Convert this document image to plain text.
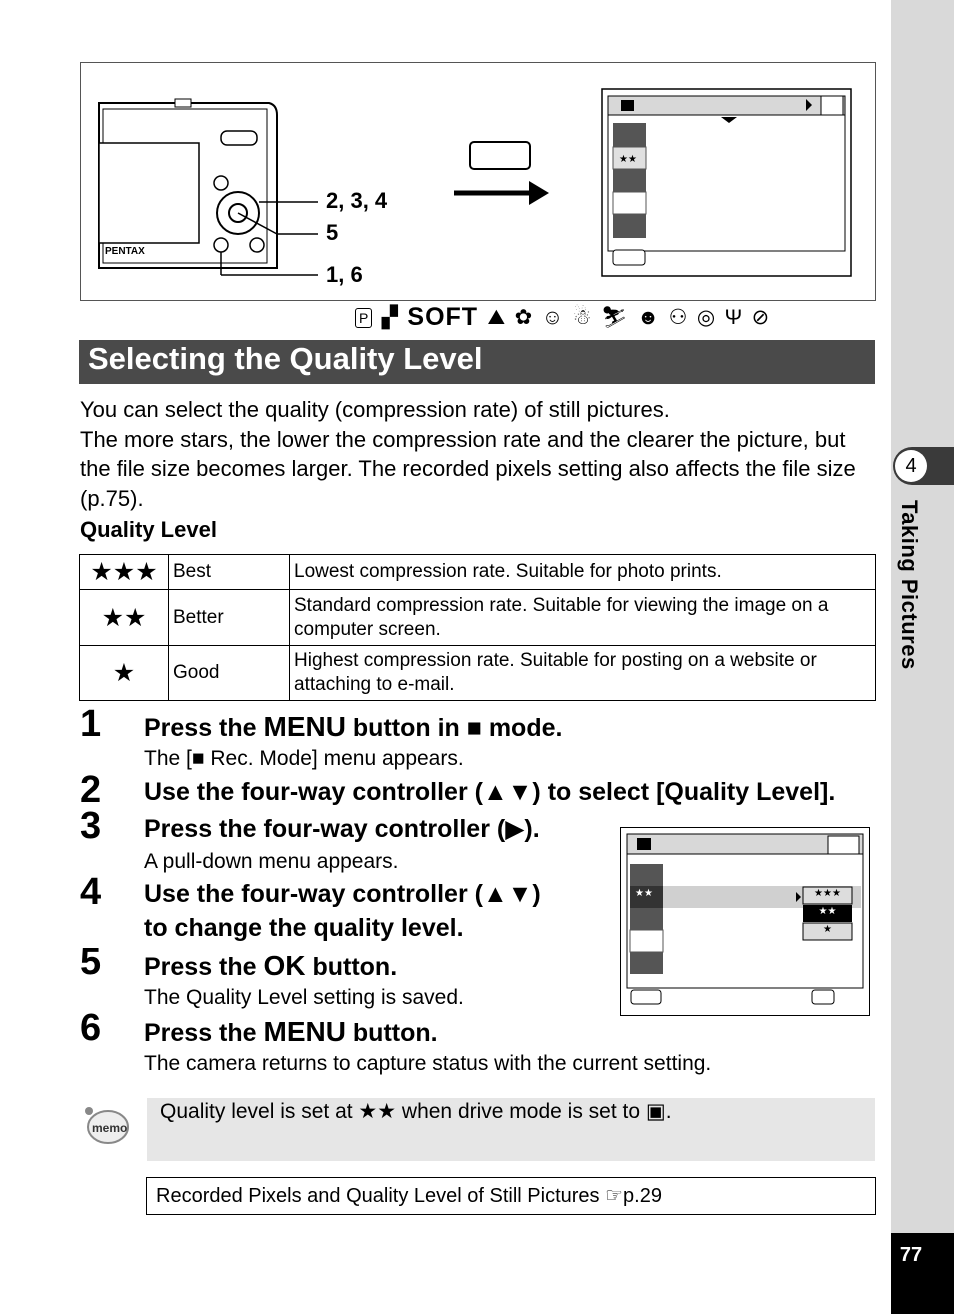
4
Taking Pictures
77
PENTAX
★★
2, 3, 4
5
1, 6
P ▞ SOFT ⛰ ✿ ☺ ☃ ⛷ ☻ ⚇ ◎ Ψ ⊘
Selecting the Quality Level

You can select the quality (compression rate) of still pictures.

The more stars, the lower the compression rate and the clearer the picture, but the file size becomes larger. The recorded pixels setting also affects the file size (p.75).

Quality Level
★★★	Best	Lowest compression rate. Suitable for photo prints.
★★	Better	Standard compression rate. Suitable for viewing the image on a computer screen.
★	Good	Highest compression rate. Suitable for posting on a website or attaching to e-mail.
1 Press the MENU button in ■ mode.
The [■ Rec. Mode] menu appears.
2 Use the four-way controller (▲▼) to select [Quality Level].
3 Press the four-way controller (▶).
A pull-down menu appears.
4 Use the four-way controller (▲▼)
to change the quality level.
5 Press the OK button.
The Quality Level setting is saved.
6 Press the MENU button.
The camera returns to capture status with the current setting.
★★	★★★
★★
★
memo
Quality level is set at ★★ when drive mode is set to ▣.
Recorded Pixels and Quality Level of Still Pictures ☞p.29
